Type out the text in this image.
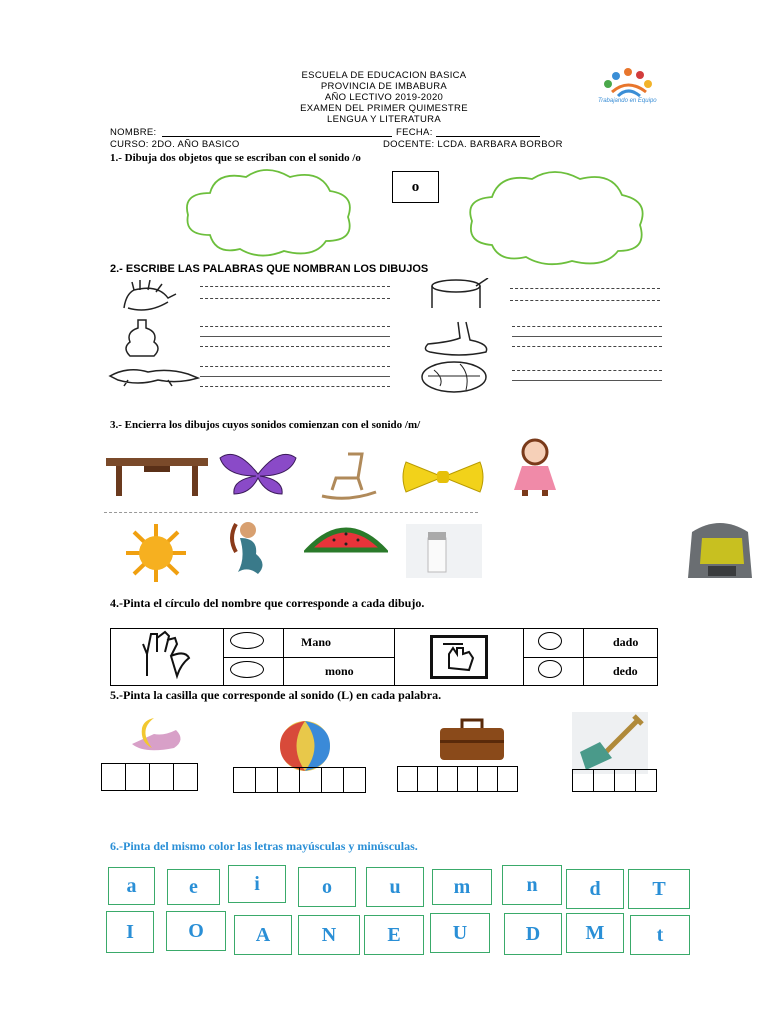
ESCUELA DE EDUCACION BASICA
PROVINCIA DE IMBABURA
AÑO LECTIVO 2019-2020
EXAMEN DEL PRIMER QUIMESTRE
LENGUA Y LITERATURA
Trabajando en Equipo
NOMBRE:	FECHA:
CURSO: 2DO. AÑO BASICO	DOCENTE: LCDA. BARBARA BORBOR
1.- Dibuja dos objetos que se escriban con el sonido /o
o
2.- ESCRIBE LAS PALABRAS QUE NOMBRAN LOS DIBUJOS
3.- Encierra los dibujos cuyos sonidos comienzan con el sonido /m/
4.-Pinta el círculo del nombre que corresponde a cada dibujo.
		Mano			dado
		mono			dedo
5.-Pinta la casilla que corresponde al sonido (L) en cada palabra.
6.-Pinta del mismo color las letras mayúsculas y minúsculas.
a	e	i	o	u	m	n	d	T
I	O	A	N	E	U	D	M	t
